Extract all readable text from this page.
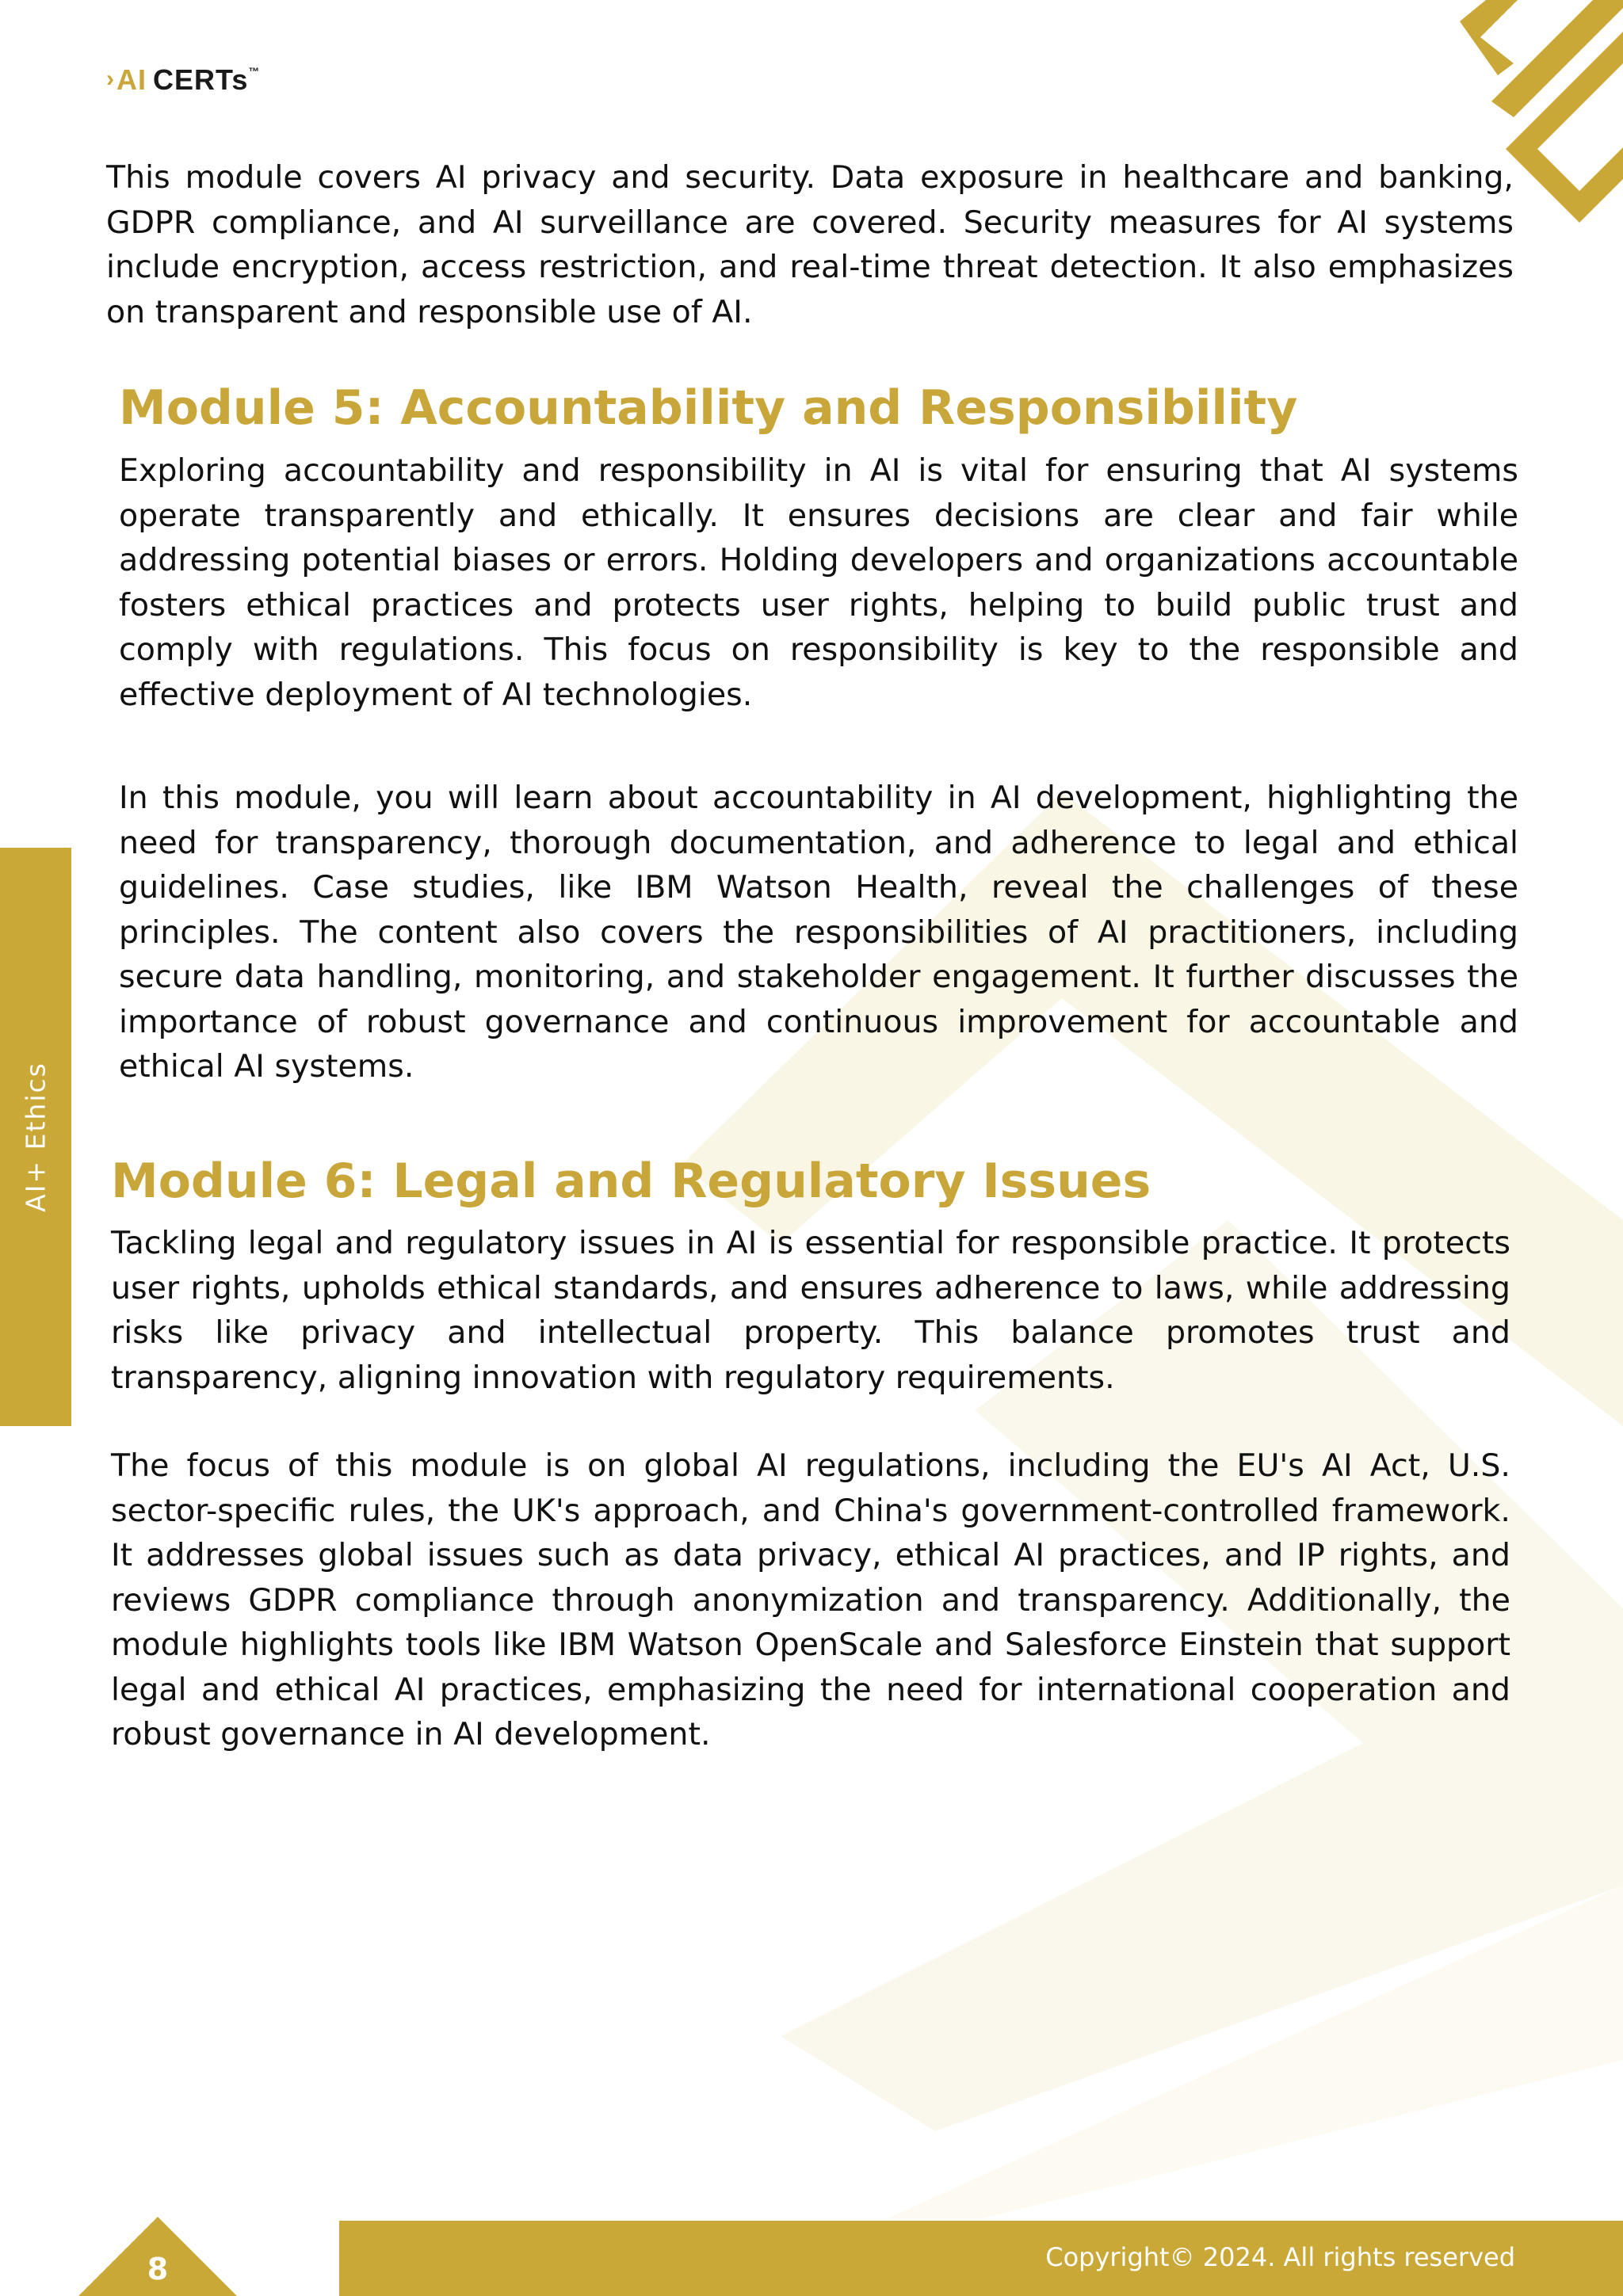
› AI CERTs ™

This module covers AI privacy and security. Data exposure in healthcare and banking, GDPR compliance, and AI surveillance are covered. Security measures for AI systems include encryption, access restriction, and real-time threat detection. It also emphasizes on transparent and responsible use of AI.

Module 5: Accountability and Responsibility

Exploring accountability and responsibility in AI is vital for ensuring that AI systems operate transparently and ethically. It ensures decisions are clear and fair while addressing potential biases or errors. Holding developers and organizations accountable fosters ethical practices and protects user rights, helping to build public trust and comply with regulations. This focus on responsibility is key to the responsible and effective deployment of AI technologies.

In this module, you will learn about accountability in AI development, highlighting the need for transparency, thorough documentation, and adherence to legal and ethical guidelines. Case studies, like IBM Watson Health, reveal the challenges of these principles. The content also covers the responsibilities of AI practitioners, including secure data handling, monitoring, and stakeholder engagement. It further discusses the importance of robust governance and continuous improvement for accountable and ethical AI systems.

Module 6: Legal and Regulatory Issues

Tackling legal and regulatory issues in AI is essential for responsible practice. It protects user rights, upholds ethical standards, and ensures adherence to laws, while addressing risks like privacy and intellectual property. This balance promotes trust and transparency, aligning innovation with regulatory requirements.

The focus of this module is on global AI regulations, including the EU's AI Act, U.S. sector-specific rules, the UK's approach, and China's government-controlled framework. It addresses global issues such as data privacy, ethical AI practices, and IP rights, and reviews GDPR compliance through anonymization and transparency. Additionally, the module highlights tools like IBM Watson OpenScale and Salesforce Einstein that support legal and ethical AI practices, emphasizing the need for international cooperation and robust governance in AI development.

AI+ Ethics
8	Copyright© 2024. All rights reserved
